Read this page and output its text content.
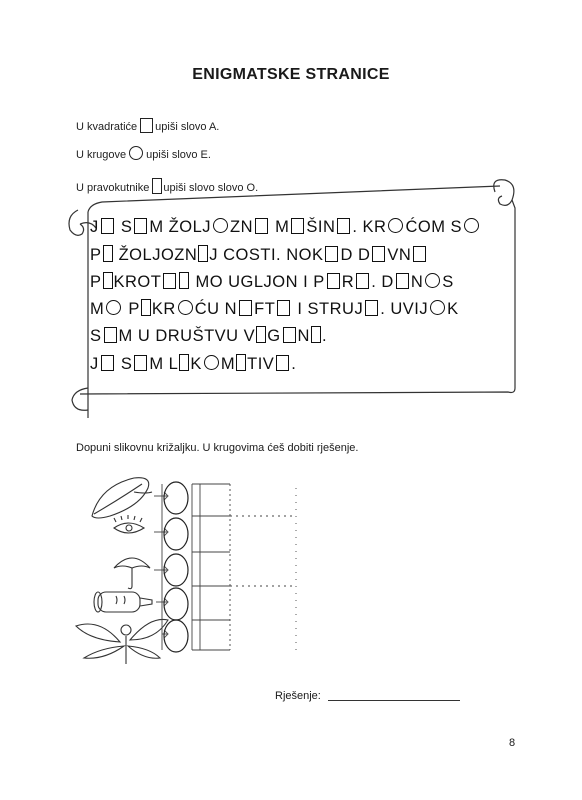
ENIGMATSKE STRANICE
U kvadratiće upiši slovo A.
U krugove upiši slovo E.
U pravokutnike upiši slovo slovo O.
J S M ŽOLJ ZN M ŠIN . KR ĆOM S
P ŽOLJOZN J COSTI. NOK D D VN
P KROT MO UGLJON I P R . D N S
M P KR ĆU N FT I STRUJ . UVIJ K
S M U DRUŠTVU V G N .
J S M L K M TIV .
Dopuni slikovnu križaljku. U krugovima ćeš dobiti rješenje.
Rješenje:
8
